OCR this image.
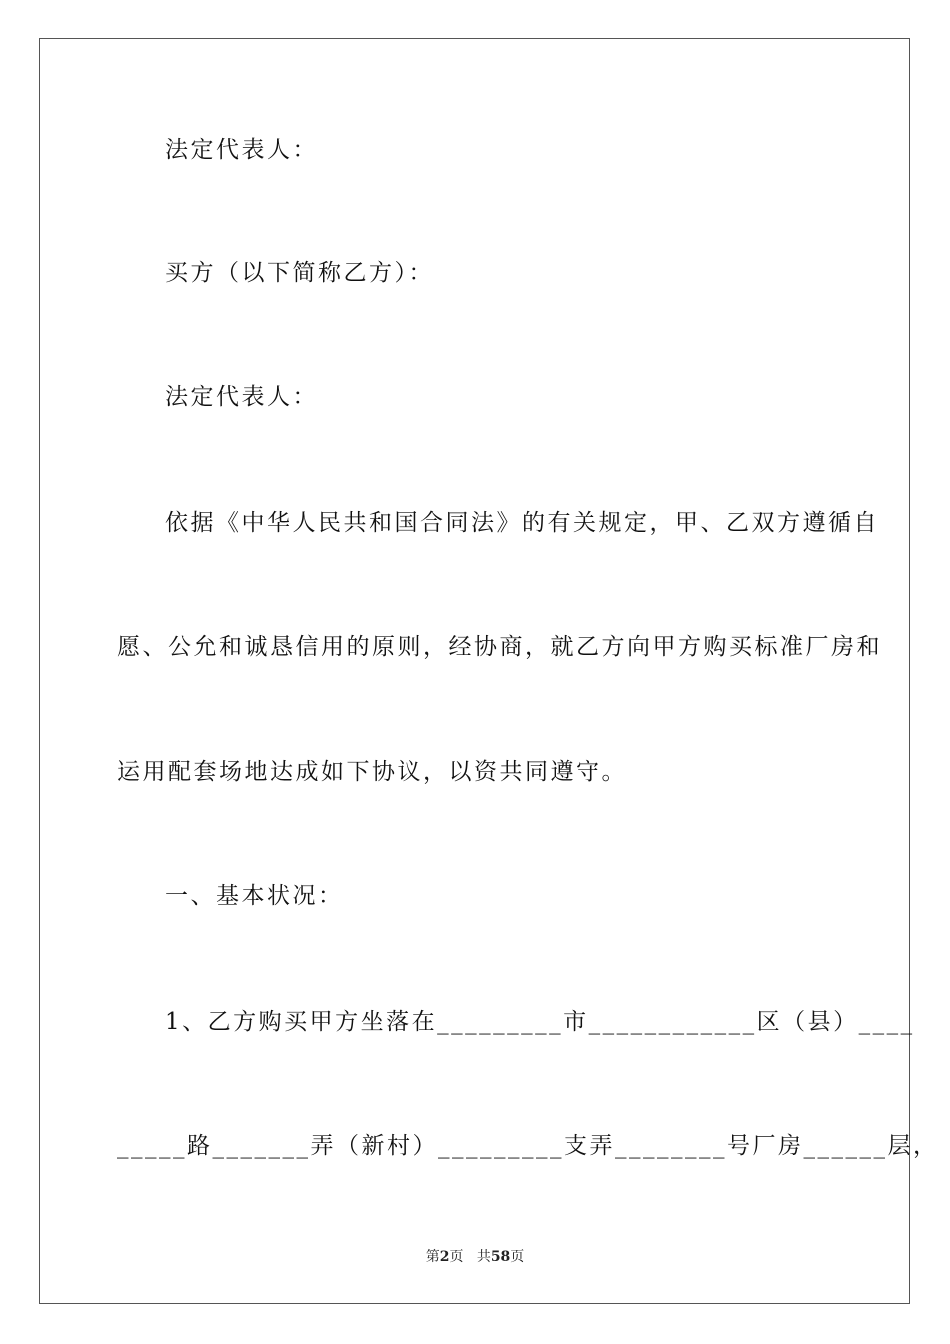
法定代表人：
买方（以下简称乙方）：
法定代表人：
依据《中华人民共和国合同法》的有关规定，甲、乙双方遵循自
愿、公允和诚恳信用的原则，经协商，就乙方向甲方购买标准厂房和
运用配套场地达成如下协议，以资共同遵守。
一、基本状况：
1、乙方购买甲方坐落在_________市____________区（县）____
_____路_______弄（新村）_________支弄________号厂房______层，
第2页 共58页
